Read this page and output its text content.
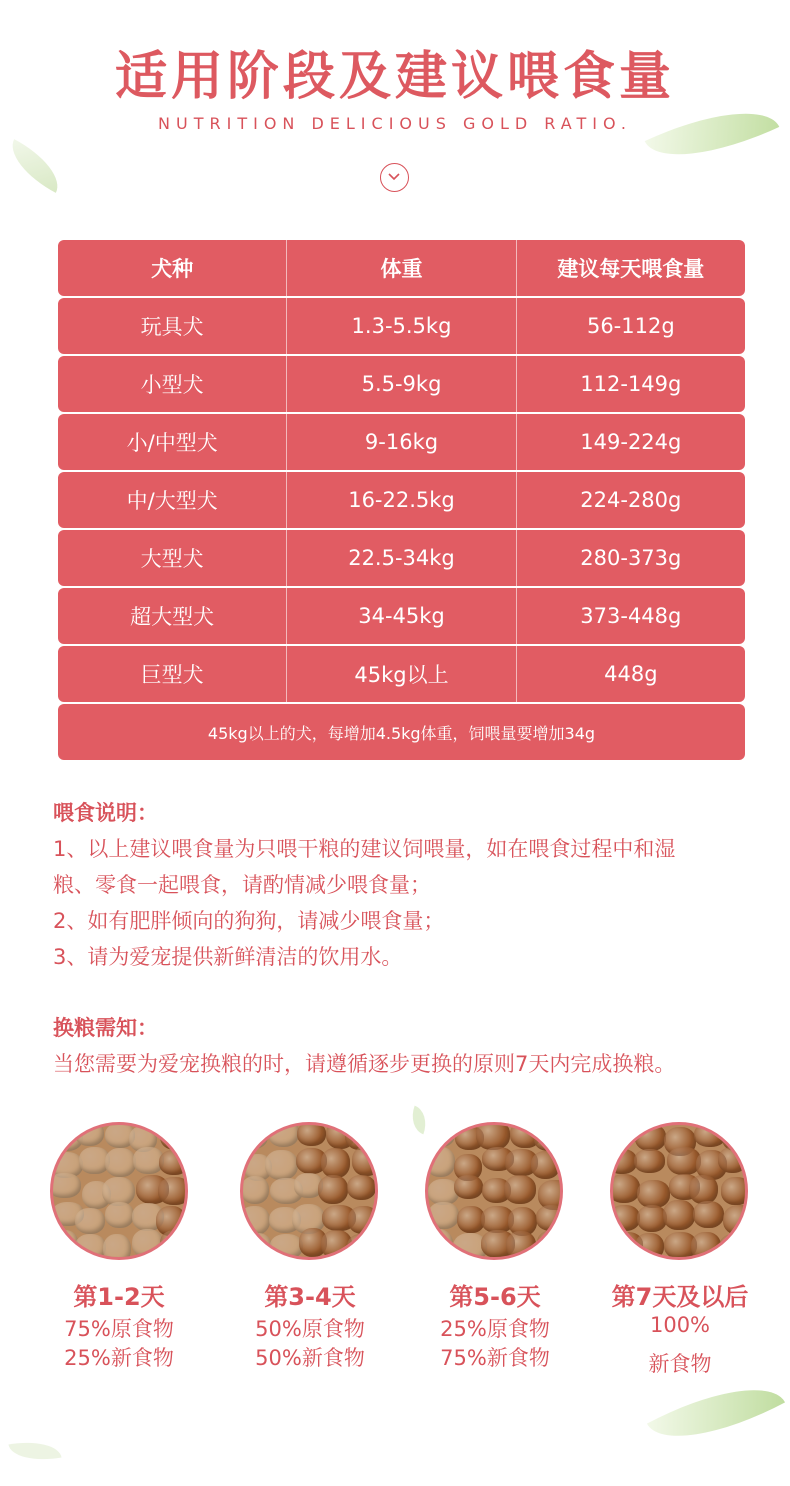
适用阶段及建议喂食量
NUTRITION DELICIOUS GOLD RATIO.
犬种	体重	建议每天喂食量
玩具犬	1.3-5.5kg	56-112g
小型犬	5.5-9kg	112-149g
小/中型犬	9-16kg	149-224g
中/大型犬	16-22.5kg	224-280g
大型犬	22.5-34kg	280-373g
超大型犬	34-45kg	373-448g
巨型犬	45kg以上	448g
45kg以上的犬，每增加4.5kg体重，饲喂量要增加34g
喂食说明：
1、以上建议喂食量为只喂干粮的建议饲喂量，如在喂食过程中和湿
粮、零食一起喂食，请酌情减少喂食量；
2、如有肥胖倾向的狗狗，请减少喂食量；
3、请为爱宠提供新鲜清洁的饮用水。
换粮需知：
当您需要为爱宠换粮的时，请遵循逐步更换的原则7天内完成换粮。
第1-2天
75%原食物
25%新食物
第3-4天
50%原食物
50%新食物
第5-6天
25%原食物
75%新食物
第7天及以后
100%
新食物
